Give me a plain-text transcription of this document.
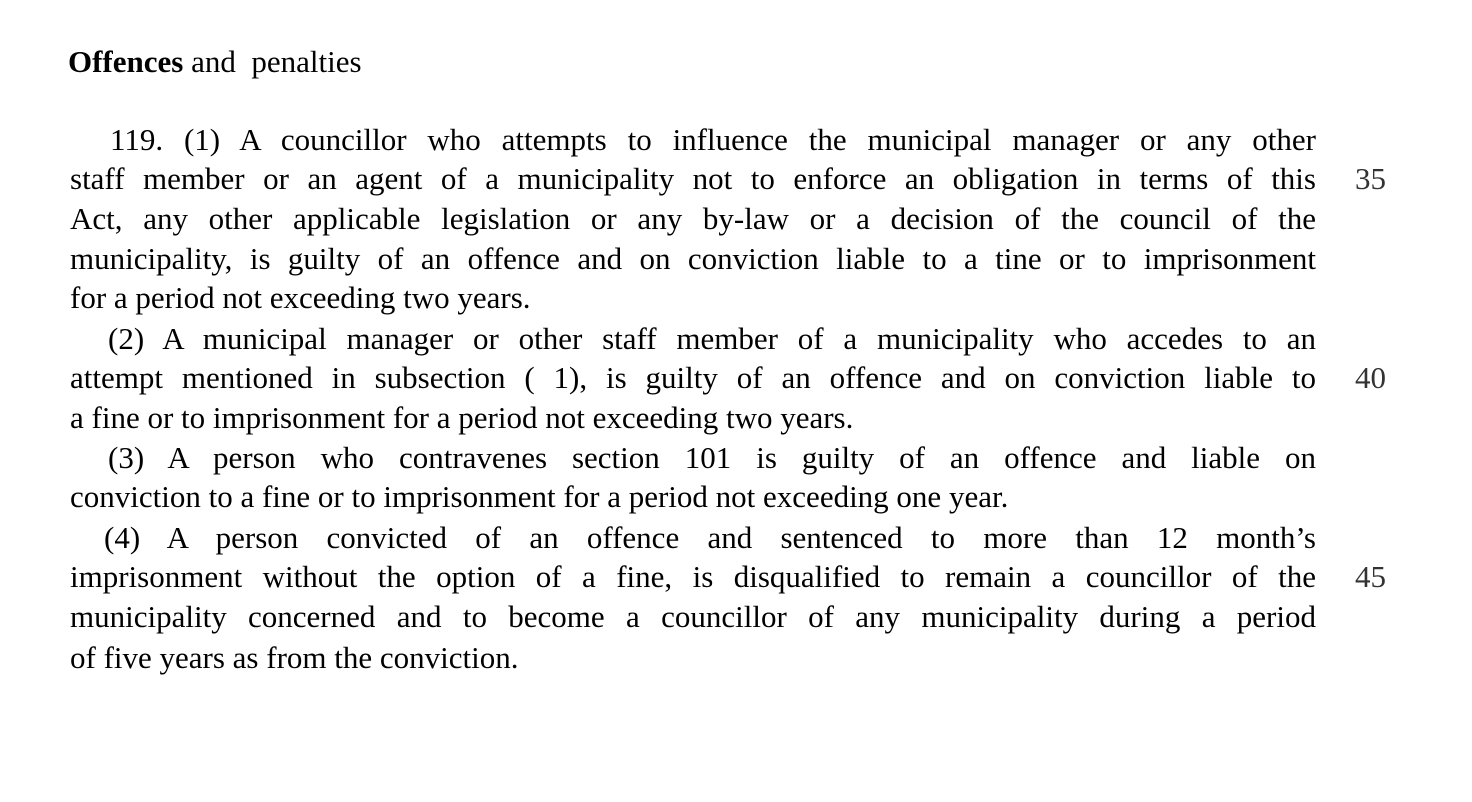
Offences and  penalties
119. (1) A councillor who attempts to influence the municipal manager or any other
staff member or an agent of a municipality not to enforce an obligation in terms of this
Act, any other applicable legislation or any by-law or a decision of the council of the
municipality, is guilty of an offence and on conviction liable to a tine or to imprisonment
for a period not exceeding two years.
(2) A municipal manager or other staff member of a municipality who accedes to an
attempt mentioned in subsection ( 1), is guilty of an offence and on conviction liable to
a fine or to imprisonment for a period not exceeding two years.
(3) A person who contravenes section 101 is guilty of an offence and liable on
conviction to a fine or to imprisonment for a period not exceeding one year.
(4) A person convicted of an offence and sentenced to more than 12 month’s
imprisonment without the option of a fine, is disqualified to remain a councillor of the
municipality concerned and to become a councillor of any municipality during a period
of five years as from the conviction.
35
40
45
